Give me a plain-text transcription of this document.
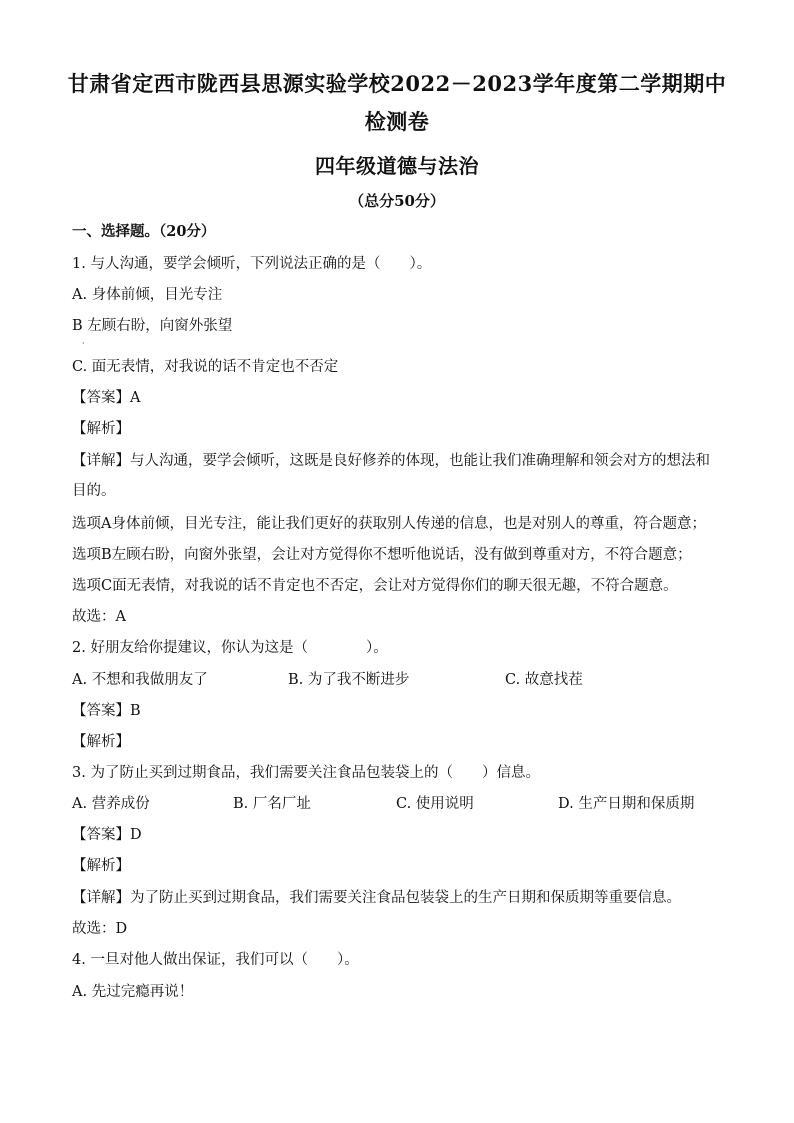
甘肃省定西市陇西县思源实验学校2022－2023学年度第二学期期中
检测卷
四年级道德与法治
（总分50分）
一、选择题。（20分）
1. 与人沟通，要学会倾听，下列说法正确的是（　　）。
A. 身体前倾，目光专注
B 左顾右盼，向窗外张望
·
C. 面无表情，对我说的话不肯定也不否定
【答案】A
【解析】
【详解】与人沟通，要学会倾听，这既是良好修养的体现，也能让我们准确理解和领会对方的想法和目的。
选项A身体前倾，目光专注，能让我们更好的获取别人传递的信息，也是对别人的尊重，符合题意；
选项B左顾右盼，向窗外张望，会让对方觉得你不想听他说话，没有做到尊重对方，不符合题意；
选项C面无表情，对我说的话不肯定也不否定，会让对方觉得你们的聊天很无趣，不符合题意。
故选：A
2. 好朋友给你提建议，你认为这是（　　　　）。
A. 不想和我做朋友了	B. 为了我不断进步	C. 故意找茬
【答案】B
【解析】
3. 为了防止买到过期食品，我们需要关注食品包装袋上的（　　）信息。
A. 营养成份	B. 厂名厂址	C. 使用说明	D. 生产日期和保质期
【答案】D
【解析】
【详解】为了防止买到过期食品，我们需要关注食品包装袋上的生产日期和保质期等重要信息。
故选：D
4. 一旦对他人做出保证，我们可以（　　）。
A. 先过完瘾再说！
